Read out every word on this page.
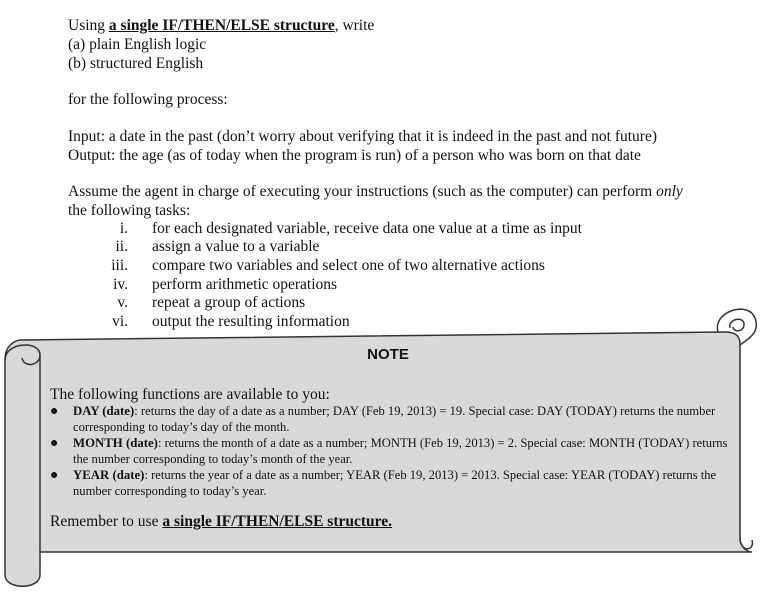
Using a single IF/THEN/ELSE structure, write
(a) plain English logic
(b) structured English
for the following process:
Input: a date in the past (don’t worry about verifying that it is indeed in the past and not future)
Output: the age (as of today when the program is run) of a person who was born on that date
Assume the agent in charge of executing your instructions (such as the computer) can perform only
the following tasks:
i. for each designated variable, receive data one value at a time as input
ii. assign a value to a variable
iii. compare two variables and select one of two alternative actions
iv. perform arithmetic operations
v. repeat a group of actions
vi. output the resulting information
NOTE
The following functions are available to you:
● DAY (date): returns the day of a date as a number; DAY (Feb 19, 2013) = 19. Special case: DAY (TODAY) returns the number corresponding to today’s day of the month.
● MONTH (date): returns the month of a date as a number; MONTH (Feb 19, 2013) = 2. Special case: MONTH (TODAY) returns the number corresponding to today’s month of the year.
● YEAR (date): returns the year of a date as a number; YEAR (Feb 19, 2013) = 2013. Special case: YEAR (TODAY) returns the number corresponding to today’s year.
Remember to use a single IF/THEN/ELSE structure.
